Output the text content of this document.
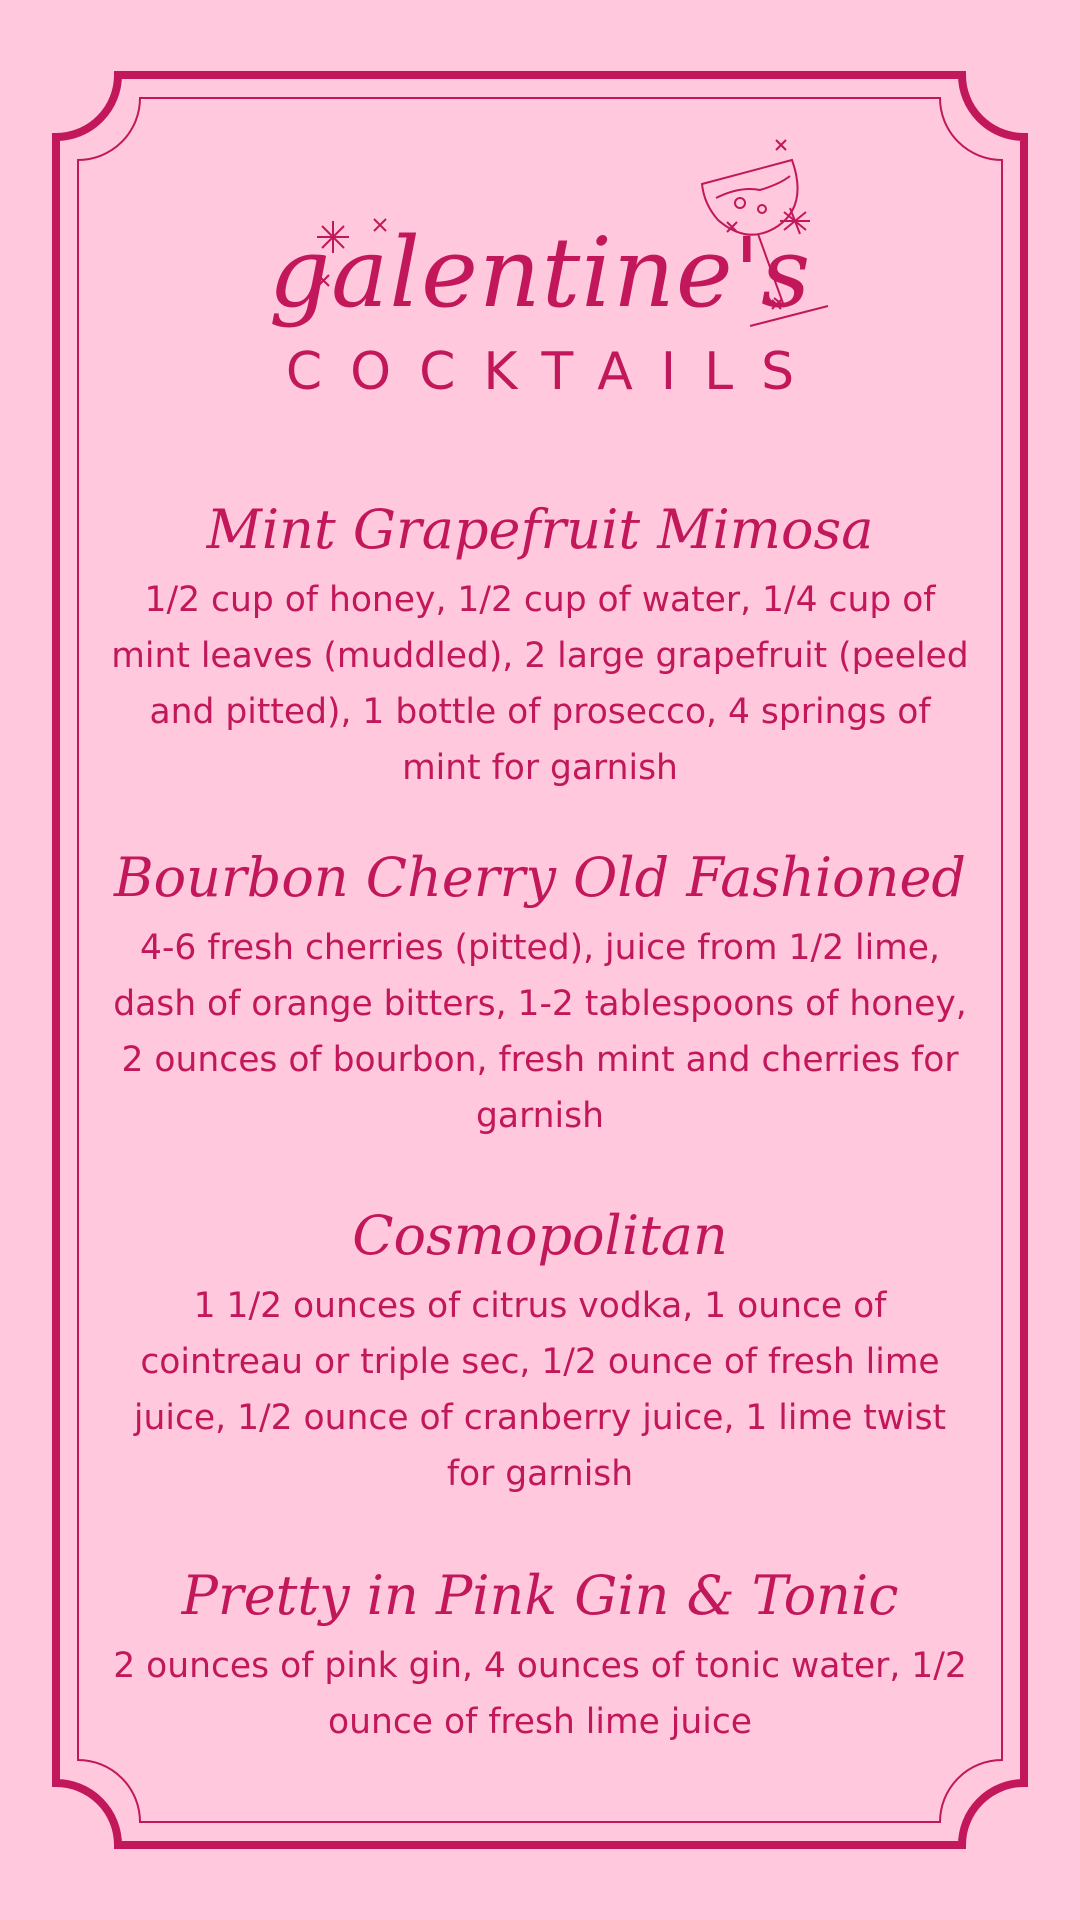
galentine's
COCKTAILS
Mint Grapefruit Mimosa

1/2 cup of honey, 1/2 cup of water, 1/4 cup of mint leaves (muddled), 2 large grapefruit (peeled and pitted), 1 bottle of prosecco, 4 springs of mint for garnish

Bourbon Cherry Old Fashioned

4-6 fresh cherries (pitted), juice from 1/2 lime, dash of orange bitters, 1-2 tablespoons of honey, 2 ounces of bourbon, fresh mint and cherries for garnish

Cosmopolitan

1 1/2 ounces of citrus vodka, 1 ounce of cointreau or triple sec, 1/2 ounce of fresh lime juice, 1/2 ounce of cranberry juice, 1 lime twist for garnish

Pretty in Pink Gin & Tonic

2 ounces of pink gin, 4 ounces of tonic water, 1/2 ounce of fresh lime juice
